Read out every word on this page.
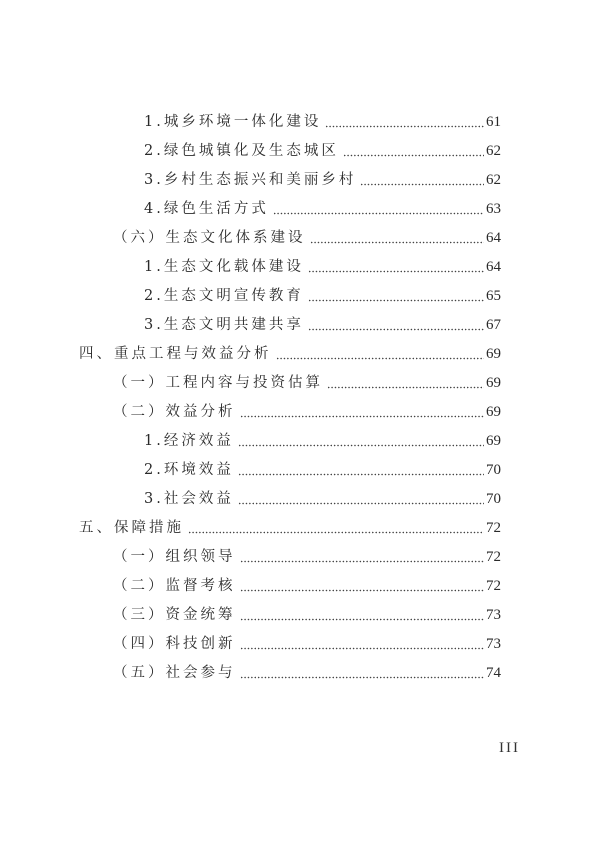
1.城乡环境一体化建设	61
2.绿色城镇化及生态城区	62
3.乡村生态振兴和美丽乡村	62
4.绿色生活方式	63
（六）生态文化体系建设	64
1.生态文化载体建设	64
2.生态文明宣传教育	65
3.生态文明共建共享	67
四、重点工程与效益分析	69
（一）工程内容与投资估算	69
（二）效益分析	69
1.经济效益	69
2.环境效益	70
3.社会效益	70
五、保障措施	72
（一）组织领导	72
（二）监督考核	72
（三）资金统筹	73
（四）科技创新	73
（五）社会参与	74
III
